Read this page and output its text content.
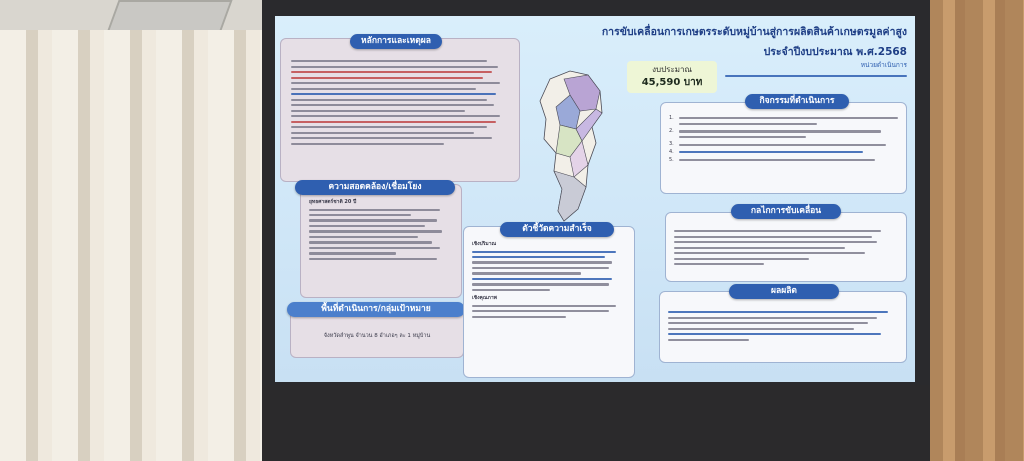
การขับเคลื่อนการเกษตรระดับหมู่บ้านสู่การผลิตสินค้าเกษตรมูลค่าสูง
ประจำปีงบประมาณ พ.ศ.2568
หลักการและเหตุผล
ยุทธศาสตร์ชาติ 20 ปี
ความสอดคล้อง/เชื่อมโยง
จังหวัดลำพูน จำนวน 8 อำเภอๆ ละ 1 หมู่บ้าน
พื้นที่ดำเนินการ/กลุ่มเป้าหมาย
งบประมาณ
45,590 บาท
หน่วยดำเนินการ
1.
2.
3.
4.
5.
กิจกรรมที่ดำเนินการ
กลไกการขับเคลื่อน
ผลผลิต
เชิงปริมาณ
เชิงคุณภาพ
ตัวชี้วัดความสำเร็จ
